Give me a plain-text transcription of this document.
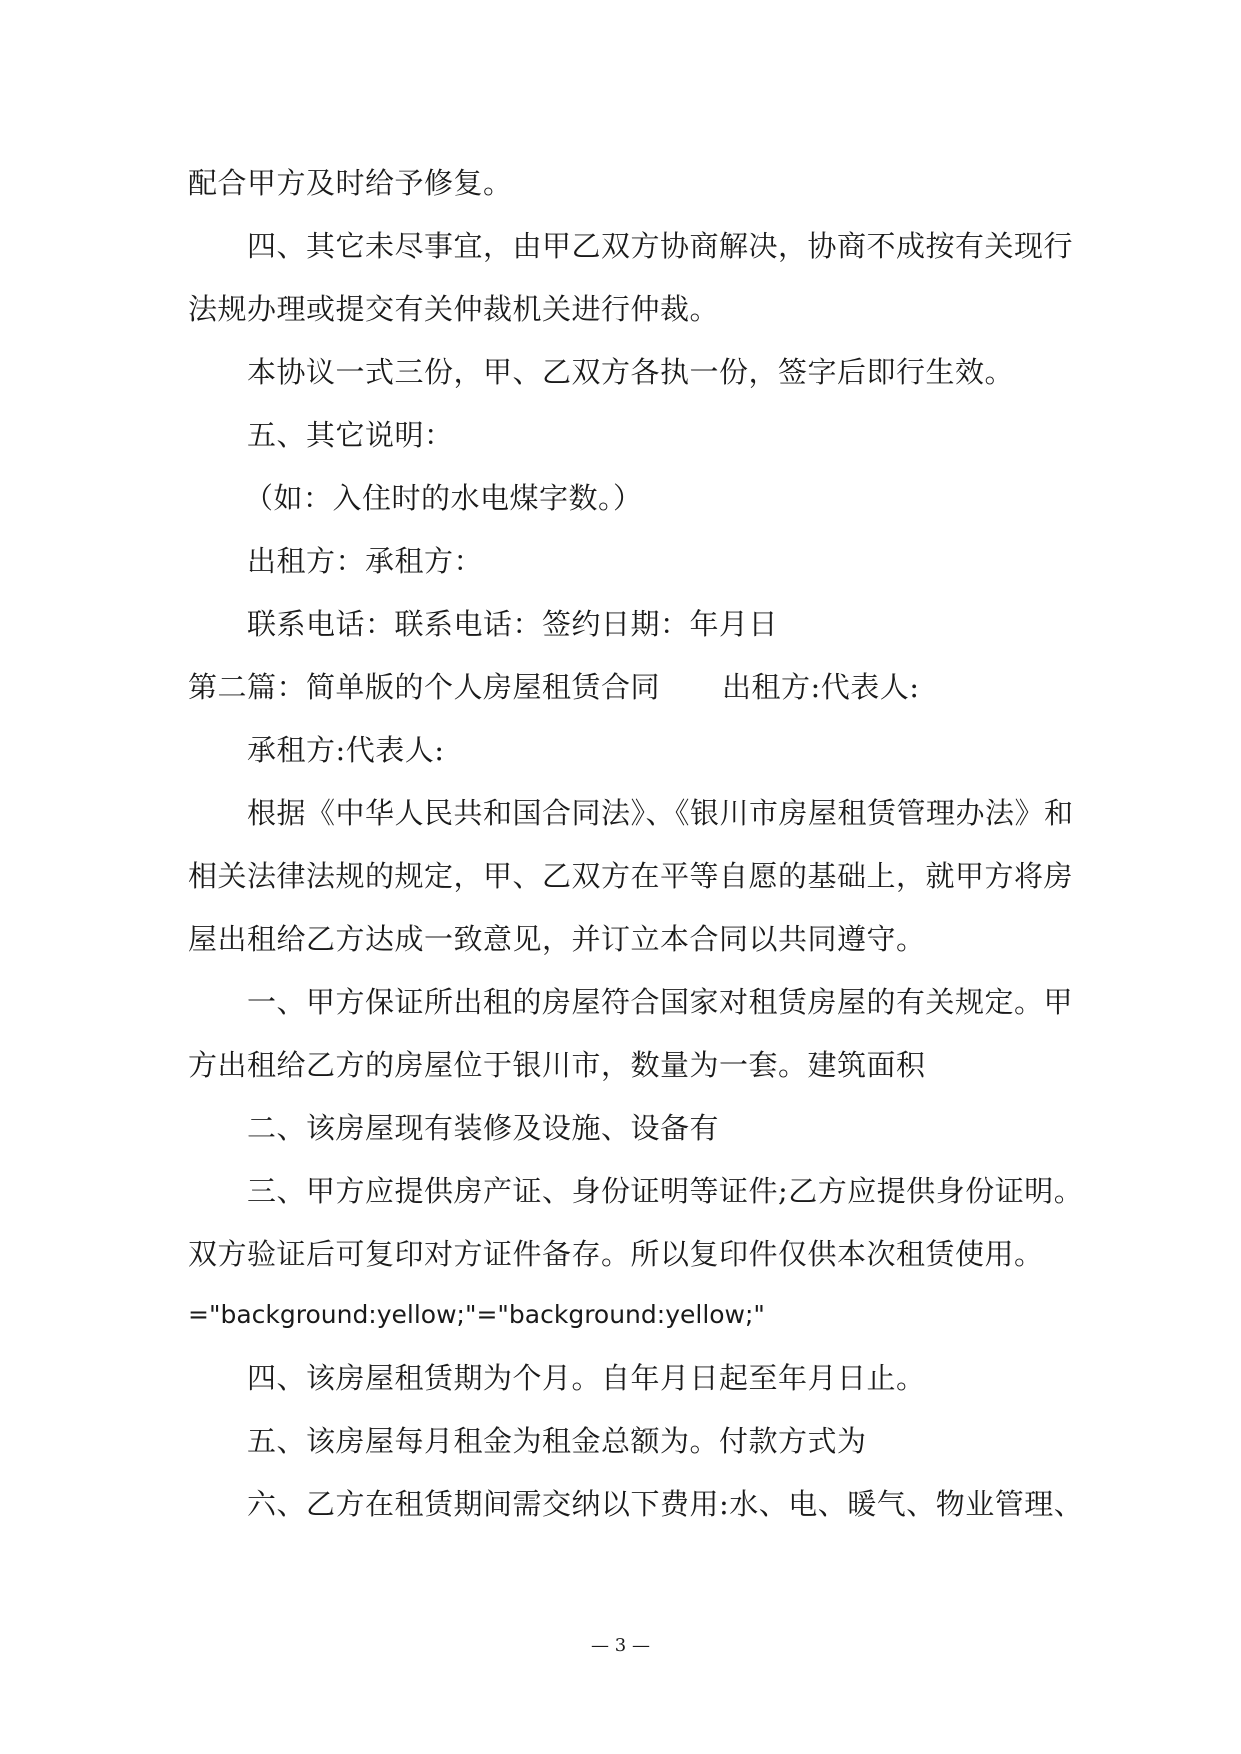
配合甲方及时给予修复。
四、其它未尽事宜，由甲乙双方协商解决，协商不成按有关现行
法规办理或提交有关仲裁机关进行仲裁。
本协议一式三份，甲、乙双方各执一份，签字后即行生效。
五、其它说明：
（如：入住时的水电煤字数。）
出租方：承租方：
联系电话：联系电话：签约日期：年月日
第二篇：简单版的个人房屋租赁合同 出租方:代表人:
承租方:代表人:
根据《中华人民共和国合同法》、《银川市房屋租赁管理办法》和
相关法律法规的规定，甲、乙双方在平等自愿的基础上，就甲方将房
屋出租给乙方达成一致意见，并订立本合同以共同遵守。
一、甲方保证所出租的房屋符合国家对租赁房屋的有关规定。甲
方出租给乙方的房屋位于银川市，数量为一套。建筑面积
二、该房屋现有装修及设施、设备有
三、甲方应提供房产证、身份证明等证件;乙方应提供身份证明。
双方验证后可复印对方证件备存。所以复印件仅供本次租赁使用。
="background:yellow;"="background:yellow;"
四、该房屋租赁期为个月。自年月日起至年月日止。
五、该房屋每月租金为租金总额为。付款方式为
六、乙方在租赁期间需交纳以下费用:水、电、暖气、物业管理、
— 3 —
